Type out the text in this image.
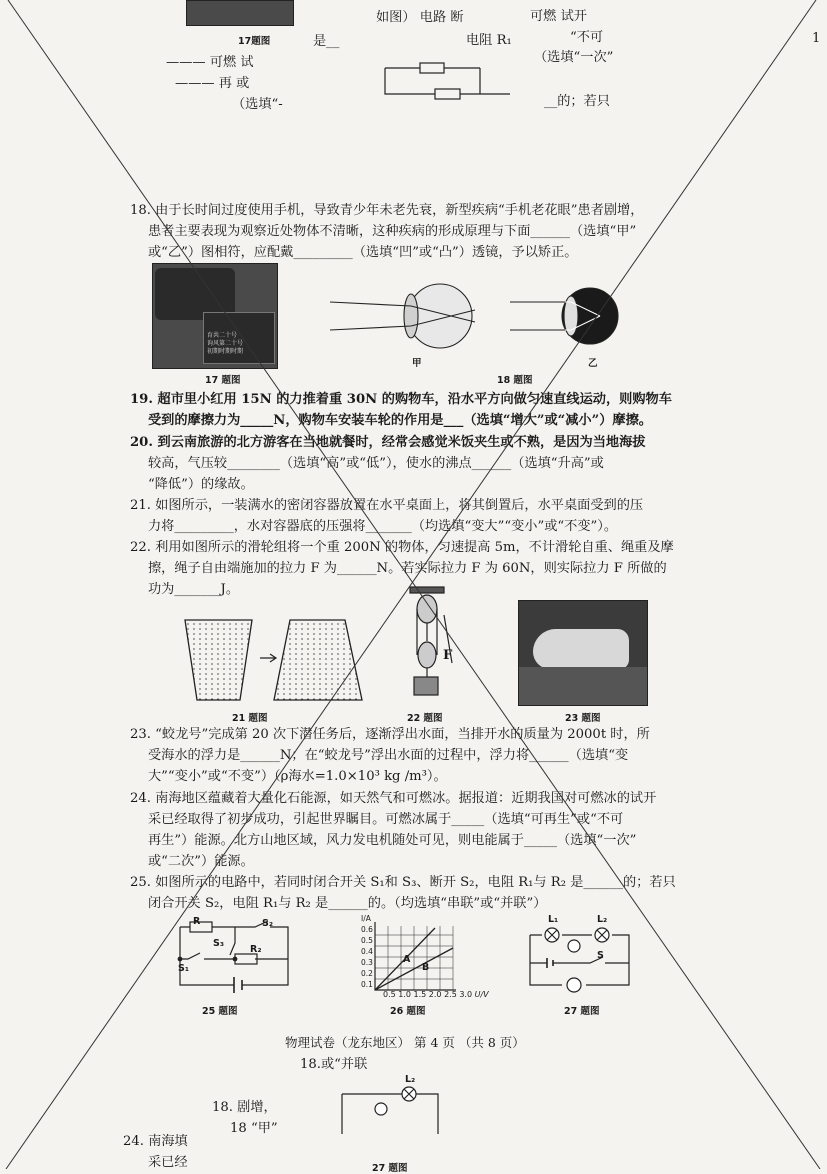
17题图	是__
——— 可燃 试
——— 再 或
（选填“-
如图） 电路 断	可燃 试开
电阻 R₁	“不可
（选填“一次”
__的；若只
1
18. 由于长时间过度使用手机，导致青少年未老先衰，新型疾病“手机老花眼”患者剧增，
患者主要表现为观察近处物体不清晰，这种疾病的形成原理与下面______（选填“甲”
或“乙”）图相符，应配戴_________（选填“凹”或“凸”）透镜，予以矫正。
育共二十号
询风第二十号
初期时期时期
17 题图
甲	乙
18 题图
19. 超市里小红用 15N 的力推着重 30N 的购物车，沿水平方向做匀速直线运动，则购物车
受到的摩擦力为_____N，购物车安装车轮的作用是___（选填“增大”或“减小”）摩擦。
20. 到云南旅游的北方游客在当地就餐时，经常会感觉米饭夹生或不熟，是因为当地海拔
较高，气压较________（选填“高”或“低”），使水的沸点______（选填“升高”或
“降低”）的缘故。
21. 如图所示，一装满水的密闭容器放置在水平桌面上，将其倒置后，水平桌面受到的压
力将_________，水对容器底的压强将_______（均选填“变大”“变小”或“不变”）。
22. 利用如图所示的滑轮组将一个重 200N 的物体，匀速提高 5m，不计滑轮自重、绳重及摩
擦，绳子自由端施加的拉力 F 为______N。若实际拉力 F 为 60N，则实际拉力 F 所做的
功为_______J。
21 题图
F
22 题图	23 题图
23. “蛟龙号”完成第 20 次下潜任务后，逐渐浮出水面，当排开水的质量为 2000t 时，所
受海水的浮力是______N；在“蛟龙号”浮出水面的过程中，浮力将______（选填“变
大”“变小”或“不变”）（ρ海水=1.0×10³ kg /m³）。
24. 南海地区蕴藏着大量化石能源，如天然气和可燃冰。据报道：近期我国对可燃冰的试开
采已经取得了初步成功，引起世界瞩目。可燃冰属于_____（选填“可再生”或“不可
再生”）能源。北方山地区域，风力发电机随处可见，则电能属于_____（选填“一次”
或“二次”）能源。
25. 如图所示的电路中，若同时闭合开关 S₁和 S₃、断开 S₂，电阻 R₁与 R₂ 是______的；若只
闭合开关 S₂，电阻 R₁与 R₂ 是______的。（均选填“串联”或“并联”）
R	S₂
S₃
R₂
S₁
25 题图
I/A
0.6
0.5
0.4
0.3
0.2
0.1
A
B
0.5 1.0 1.5 2.0 2.5 3.0 U/V
26 题图
L₁	L₂
S
27 题图
物理试卷（龙东地区） 第 4 页 （共 8 页）
18.或“并联
18. 剧增，
18 “甲”
24. 南海填
采已经	27 题图
L₂
